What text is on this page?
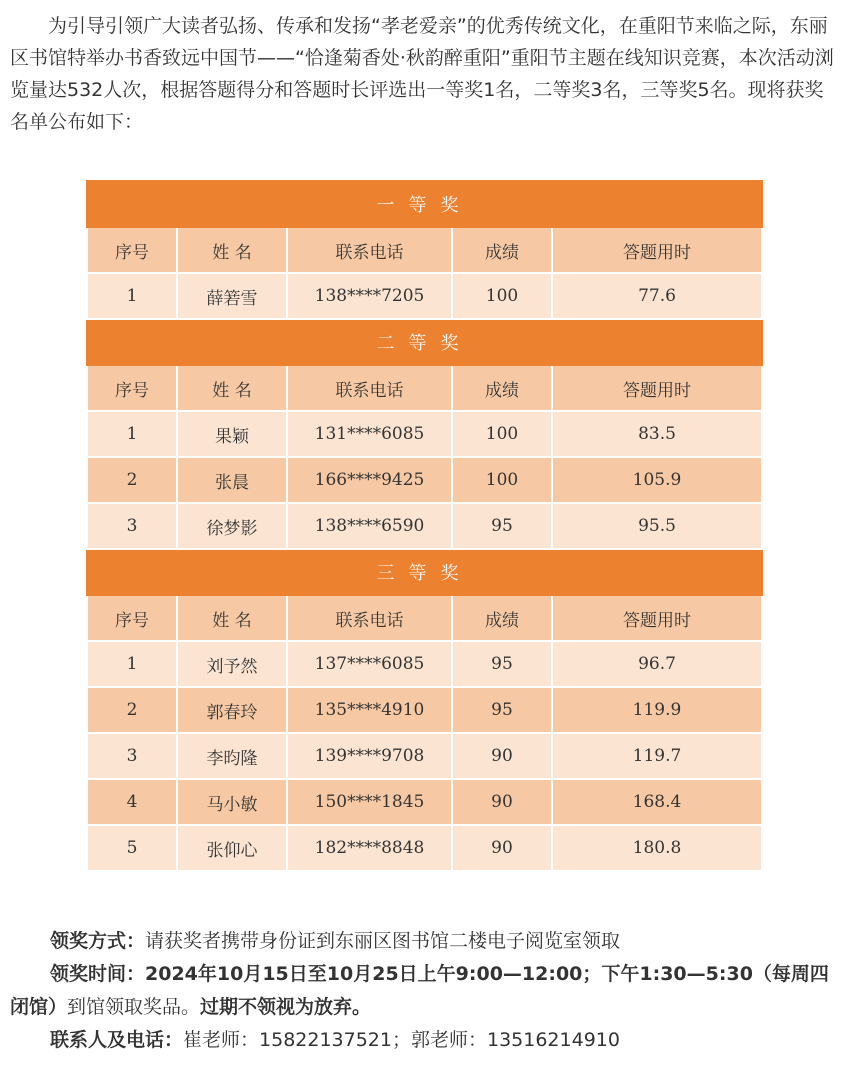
为引导引领广大读者弘扬、传承和发扬“孝老爱亲”的优秀传统文化，在重阳节来临之际，东丽区书馆特举办书香致远中国节——“恰逢菊香处·秋韵醉重阳”重阳节主题在线知识竞赛，本次活动浏览量达532人次，根据答题得分和答题时长评选出一等奖1名，二等奖3名，三等奖5名。现将获奖名单公布如下：

一等奖				
序号	姓 名	联系电话	成绩	答题用时
1	薛箬雪	138****7205	100	77.6
二等奖				
序号	姓 名	联系电话	成绩	答题用时
1	果颖	131****6085	100	83.5
2	张晨	166****9425	100	105.9
3	徐梦影	138****6590	95	95.5
三等奖				
序号	姓 名	联系电话	成绩	答题用时
1	刘予然	137****6085	95	96.7
2	郭春玲	135****4910	95	119.9
3	李昀隆	139****9708	90	119.7
4	马小敏	150****1845	90	168.4
5	张仰心	182****8848	90	180.8

领奖方式：请获奖者携带身份证到东丽区图书馆二楼电子阅览室领取

领奖时间：2024年10月15日至10月25日上午9:00—12:00；下午1:30—5:30（每周四闭馆）到馆领取奖品。过期不领视为放弃。

联系人及电话：崔老师：15822137521；郭老师：13516214910
